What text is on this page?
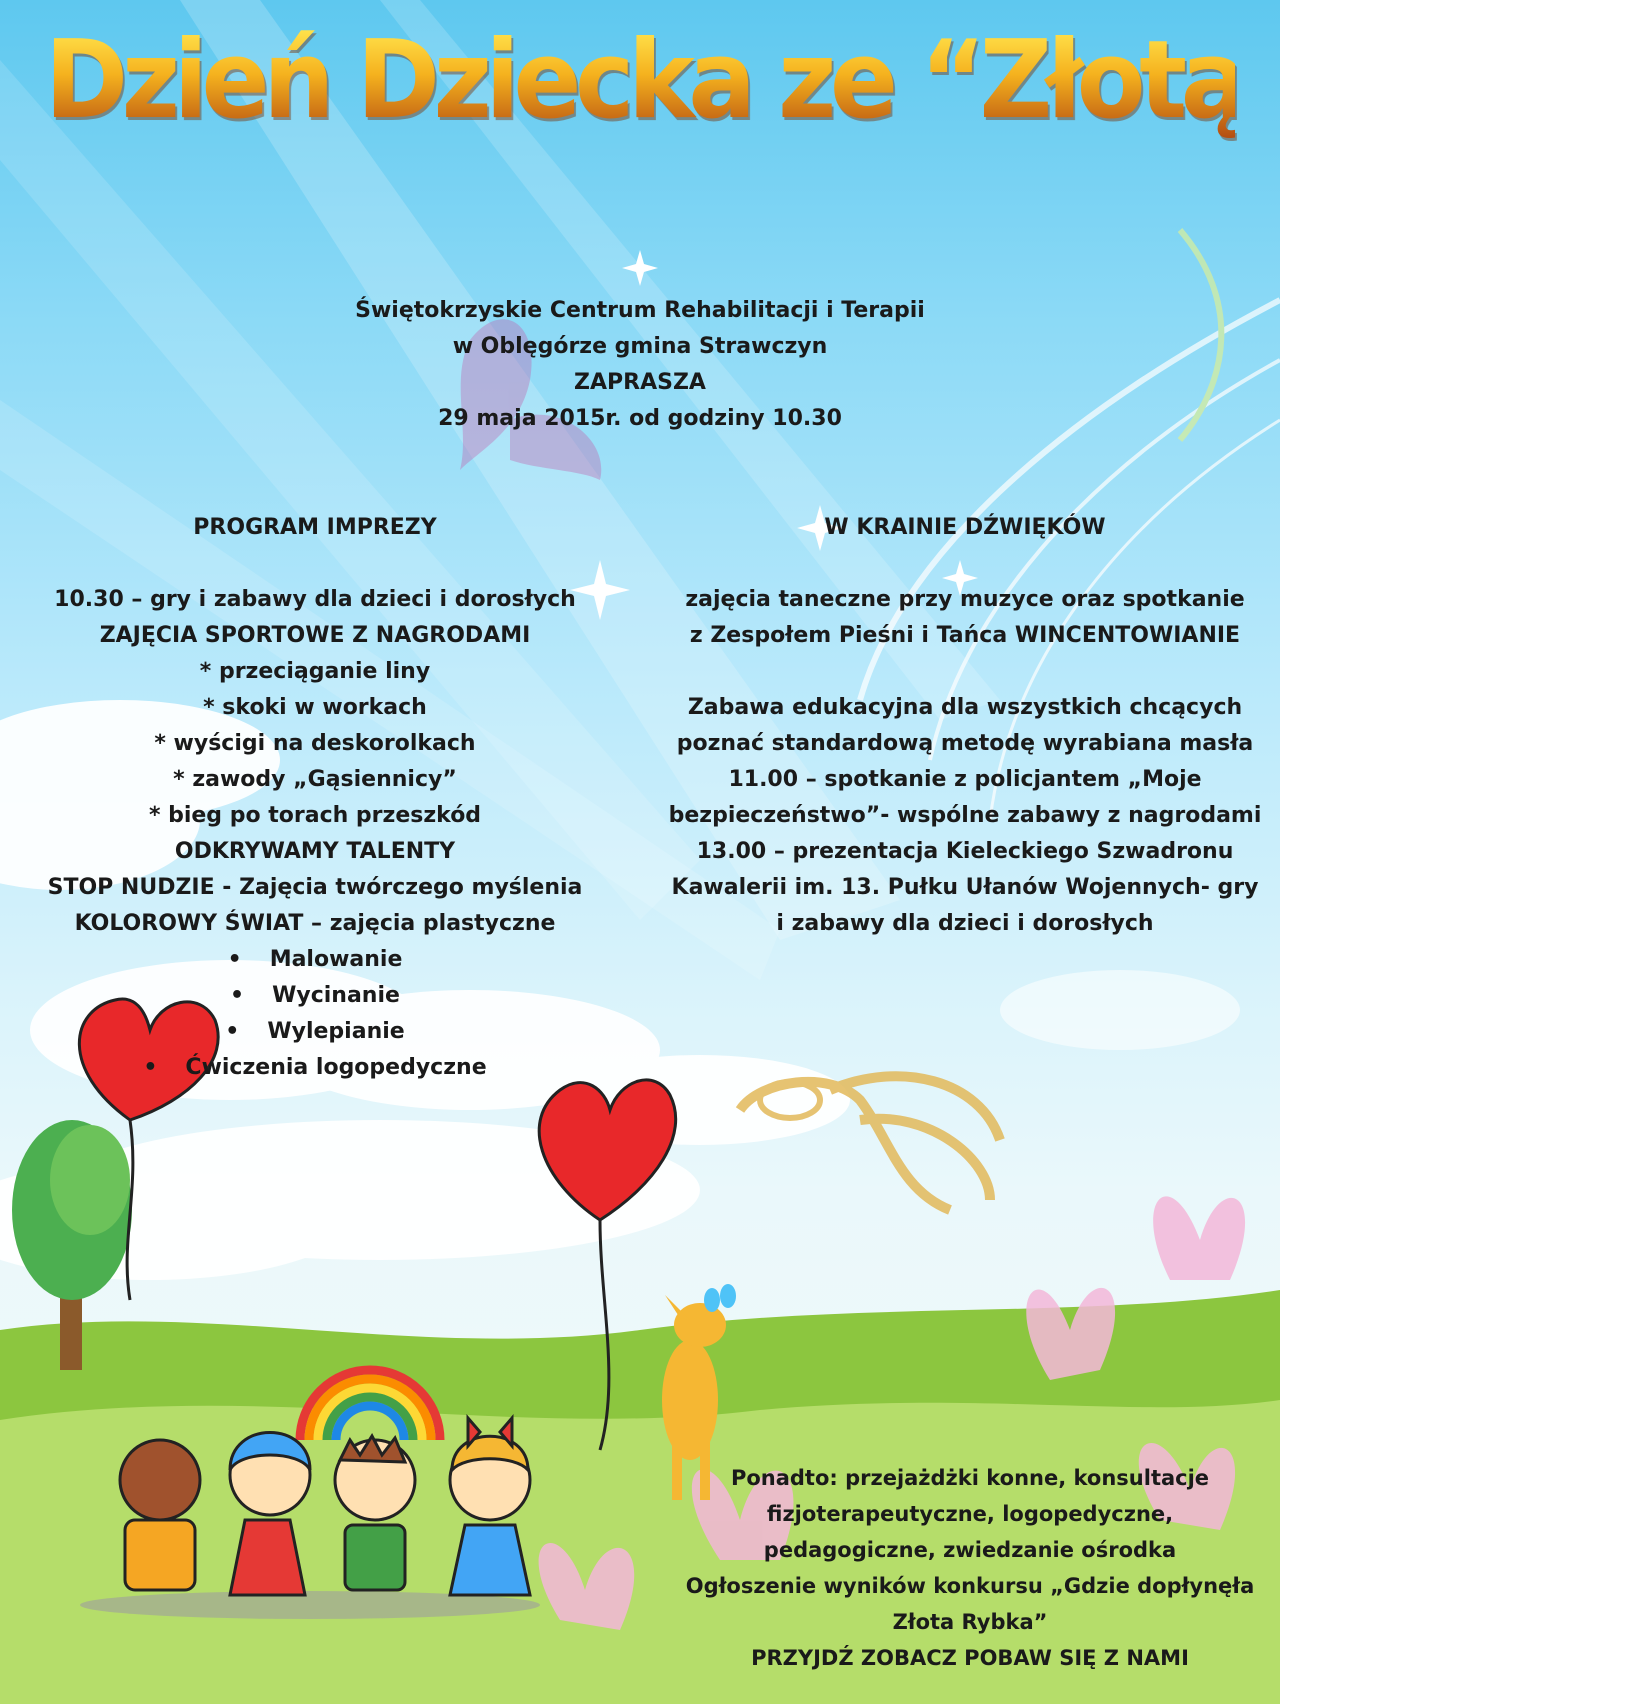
Dzień Dziecka ze “Złotą Rybką”
Świętokrzyskie Centrum Rehabilitacji i Terapii
w Oblęgórze gmina Strawczyn
ZAPRASZA
29 maja 2015r. od godziny 10.30
PROGRAM IMPREZY
10.30 – gry i zabawy dla dzieci i dorosłych
ZAJĘCIA SPORTOWE Z NAGRODAMI
* przeciąganie liny
* skoki w workach
* wyścigi na deskorolkach
* zawody „Gąsiennicy”
* bieg po torach przeszkód
ODKRYWAMY TALENTY
STOP NUDZIE - Zajęcia twórczego myślenia
KOLOROWY ŚWIAT – zajęcia plastyczne
• Malowanie
• Wycinanie
• Wylepianie
• Ćwiczenia logopedyczne
W KRAINIE DŹWIĘKÓW
zajęcia taneczne przy muzyce oraz spotkanie
z Zespołem Pieśni i Tańca WINCENTOWIANIE
Zabawa edukacyjna dla wszystkich chcących
poznać standardową metodę wyrabiana masła
11.00 – spotkanie z policjantem „Moje
bezpieczeństwo”- wspólne zabawy z nagrodami
13.00 – prezentacja Kieleckiego Szwadronu
Kawalerii im. 13. Pułku Ułanów Wojennych- gry
i zabawy dla dzieci i dorosłych
Ponadto: przejażdżki konne, konsultacje
fizjoterapeutyczne, logopedyczne,
pedagogiczne, zwiedzanie ośrodka
Ogłoszenie wyników konkursu „Gdzie dopłynęła
Złota Rybka”
PRZYJDŹ ZOBACZ POBAW SIĘ Z NAMI
